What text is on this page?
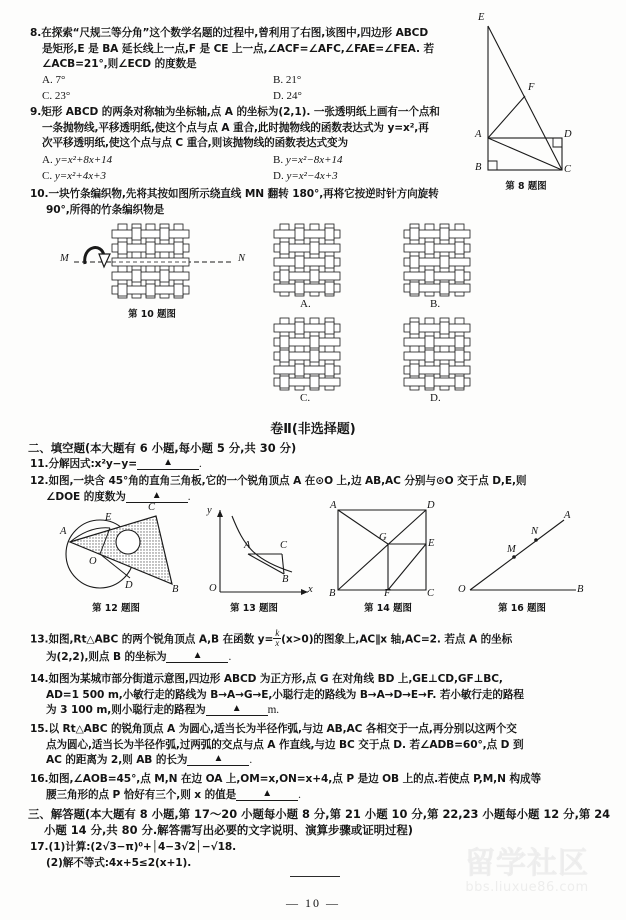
8.在探索“尺规三等分角”这个数学名题的过程中,曾利用了右图,该图中,四边形 ABCD
是矩形,E 是 BA 延长线上一点,F 是 CE 上一点,∠ACF=∠AFC,∠FAE=∠FEA. 若
∠ACB=21°,则∠ECD 的度数是
A. 7°	B. 21°
C. 23°	D. 24°
E
F
A	D
B	C
第 8 题图
9.矩形 ABCD 的两条对称轴为坐标轴,点 A 的坐标为(2,1). 一张透明纸上画有一个点和
一条抛物线,平移透明纸,使这个点与点 A 重合,此时抛物线的函数表达式为 y=x²,再
次平移透明纸,使这个点与点 C 重合,则该抛物线的函数表达式变为
A. y=x²+8x+14	B. y=x²−8x+14
C. y=x²+4x+3	D. y=x²−4x+3
10.一块竹条编织物,先将其按如图所示绕直线 MN 翻转 180°,再将它按逆时针方向旋转
90°,所得的竹条编织物是
M	N
第 10 题图
A.	B.
C.	D.
卷Ⅱ(非选择题)
二、填空题(本大题有 6 小题,每小题 5 分,共 30 分)
11.分解因式:x²y−y=	▲ .
12.如图,一块含 45°角的直角三角板,它的一个锐角顶点 A 在⊙O 上,边 AB,AC 分别与⊙O 交于点 D,E,则
∠DOE 的度数为	▲ .
A
E
C
O
D	B
第 12 题图
y
A	C
B
O	x
第 13 题图
A	D
G
E
B	F	C
第 14 题图
A
N
M
O	B
第 16 题图
13.如图,Rt△ABC 的两个锐角顶点 A,B 在函数 $y= \frac{k}{x} (x>0)$的图象上,AC∥x 轴,AC=2. 若点 A 的坐标
为(2,2),则点 B 的坐标为	▲ .
14.如图为某城市部分街道示意图,四边形 ABCD 为正方形,点 G 在对角线 BD 上,GE⊥CD,GF⊥BC,
AD=1 500 m,小敏行走的路线为 B→A→G→E,小聪行走的路线为 B→A→D→E→F. 若小敏行走的路程
为 3 100 m,则小聪行走的路程为	▲ m.
15.以 Rt△ABC 的锐角顶点 A 为圆心,适当长为半径作弧,与边 AB,AC 各相交于一点,再分别以这两个交
点为圆心,适当长为半径作弧,过两弧的交点与点 A 作直线,与边 BC 交于点 D. 若∠ADB=60°,点 D 到
AC 的距离为 2,则 AB 的长为	▲ .
16.如图,∠AOB=45°,点 M,N 在边 OA 上,OM=x,ON=x+4,点 P 是边 OB 上的点.若使点 P,M,N 构成等
腰三角形的点 P 恰好有三个,则 x 的值是	▲ .
三、解答题(本大题有 8 小题,第 17～20 小题每小题 8 分,第 21 小题 10 分,第 22,23 小题每小题 12 分,第 24
小题 14 分,共 80 分.解答需写出必要的文字说明、演算步骤或证明过程)
17.(1)计算:(2√3−π)⁰+│4−3√2│−√18.
(2)解不等式:4x+5≤2(x+1).
— 10 —
留学社区
bbs.liuxue86.com
